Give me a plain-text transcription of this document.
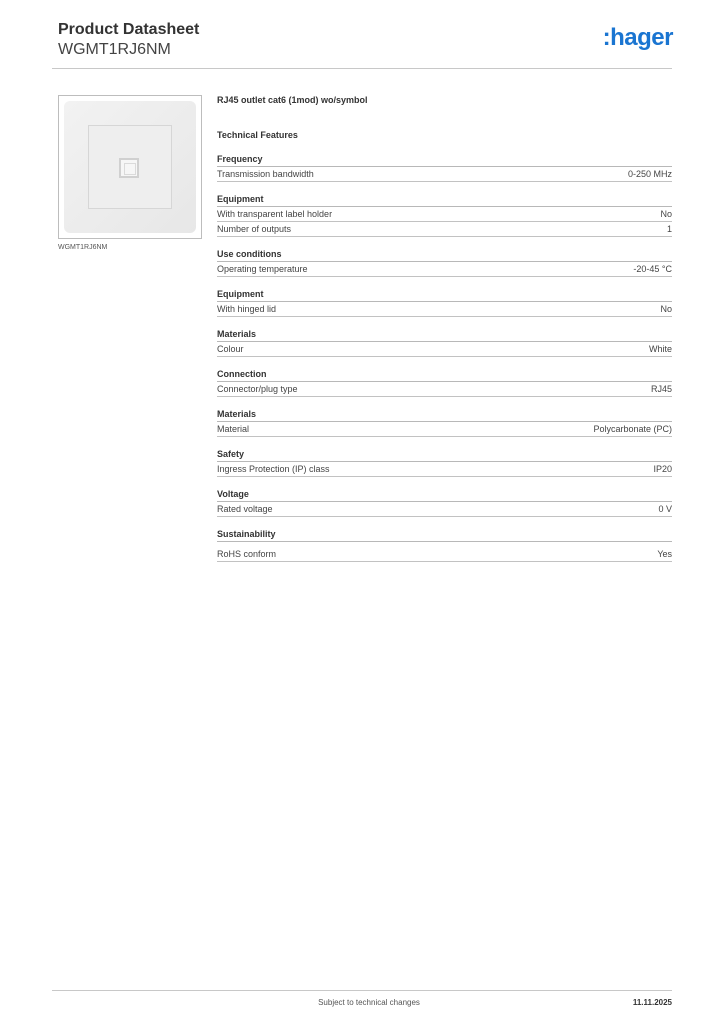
Product Datasheet
WGMT1RJ6NM	:hager
WGMT1RJ6NM
RJ45 outlet cat6 (1mod) wo/symbol
Technical Features
Frequency
Transmission bandwidth	0-250 MHz
Equipment
With transparent label holder	No
Number of outputs	1
Use conditions
Operating temperature	-20-45 °C
Equipment
With hinged lid	No
Materials
Colour	White
Connection
Connector/plug type	RJ45
Materials
Material	Polycarbonate (PC)
Safety
Ingress Protection (IP) class	IP20
Voltage
Rated voltage	0 V
Sustainability
RoHS conform	Yes
Subject to technical changes	11.11.2025
